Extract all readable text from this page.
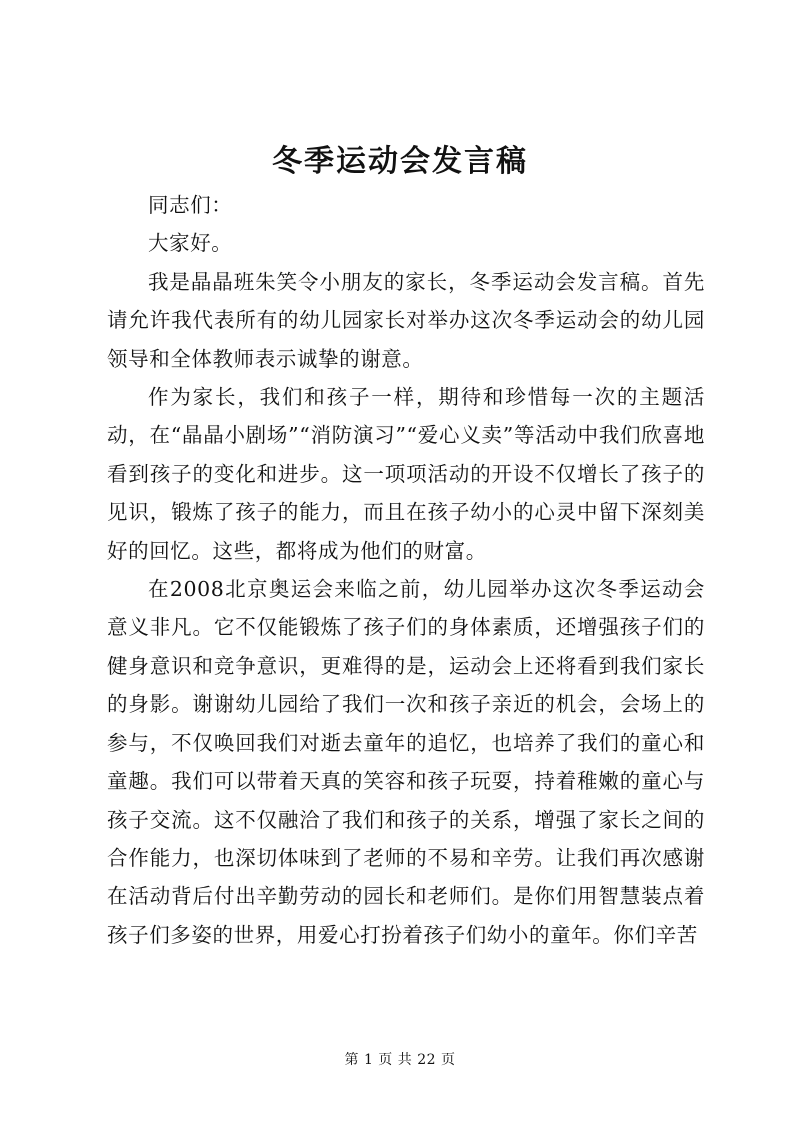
冬季运动会发言稿

同志们：

大家好。

我是晶晶班朱笑令小朋友的家长，冬季运动会发言稿。首先请允许我代表所有的幼儿园家长对举办这次冬季运动会的幼儿园领导和全体教师表示诚挚的谢意。

作为家长，我们和孩子一样，期待和珍惜每一次的主题活动，在“晶晶小剧场”“消防演习”“爱心义卖”等活动中我们欣喜地看到孩子的变化和进步。这一项项活动的开设不仅增长了孩子的见识，锻炼了孩子的能力，而且在孩子幼小的心灵中留下深刻美好的回忆。这些，都将成为他们的财富。

在2008北京奥运会来临之前，幼儿园举办这次冬季运动会意义非凡。它不仅能锻炼了孩子们的身体素质，还增强孩子们的健身意识和竞争意识，更难得的是，运动会上还将看到我们家长的身影。谢谢幼儿园给了我们一次和孩子亲近的机会，会场上的参与，不仅唤回我们对逝去童年的追忆，也培养了我们的童心和童趣。我们可以带着天真的笑容和孩子玩耍，持着稚嫩的童心与孩子交流。这不仅融洽了我们和孩子的关系，增强了家长之间的合作能力，也深切体味到了老师的不易和辛劳。让我们再次感谢在活动背后付出辛勤劳动的园长和老师们。是你们用智慧装点着孩子们多姿的世界，用爱心打扮着孩子们幼小的童年。你们辛苦

第 1 页 共 22 页
